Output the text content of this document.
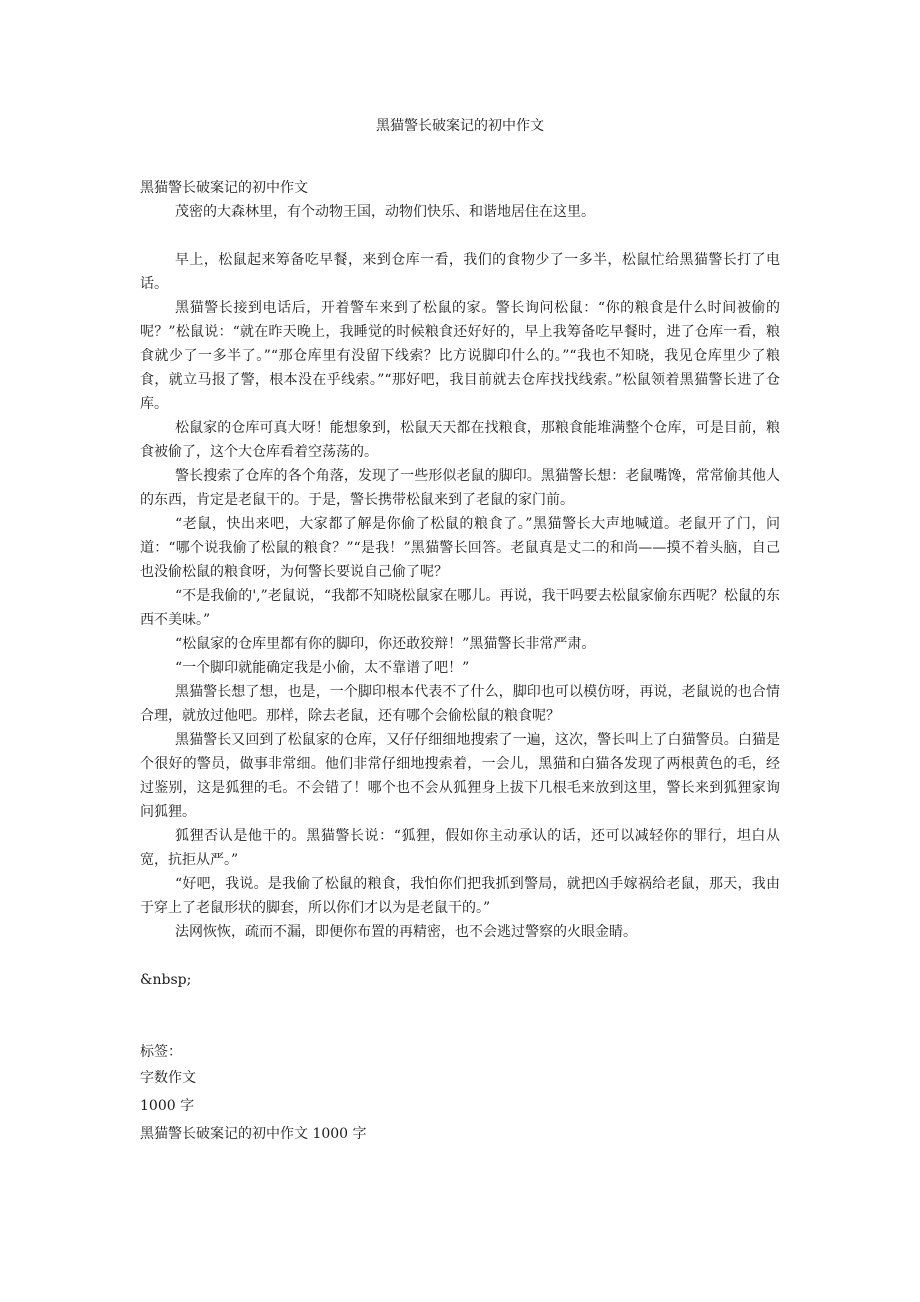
黑猫警长破案记的初中作文
黑猫警长破案记的初中作文

茂密的大森林里，有个动物王国，动物们快乐、和谐地居住在这里。

早上，松鼠起来筹备吃早餐，来到仓库一看，我们的食物少了一多半，松鼠忙给黑猫警长打了电话。

黑猫警长接到电话后，开着警车来到了松鼠的家。警长询问松鼠：“你的粮食是什么时间被偷的呢？”松鼠说：“就在昨天晚上，我睡觉的时候粮食还好好的，早上我筹备吃早餐时，进了仓库一看，粮食就少了一多半了。”“那仓库里有没留下线索？比方说脚印什么的。”“我也不知晓，我见仓库里少了粮食，就立马报了警，根本没在乎线索。”“那好吧，我目前就去仓库找找线索。”松鼠领着黑猫警长进了仓库。

松鼠家的仓库可真大呀！能想象到，松鼠天天都在找粮食，那粮食能堆满整个仓库，可是目前，粮食被偷了，这个大仓库看着空荡荡的。

警长搜索了仓库的各个角落，发现了一些形似老鼠的脚印。黑猫警长想：老鼠嘴馋，常常偷其他人的东西，肯定是老鼠干的。于是，警长携带松鼠来到了老鼠的家门前。

“老鼠，快出来吧，大家都了解是你偷了松鼠的粮食了。”黑猫警长大声地喊道。老鼠开了门，问道：“哪个说我偷了松鼠的粮食？”“是我！”黑猫警长回答。老鼠真是丈二的和尚——摸不着头脑，自己也没偷松鼠的粮食呀，为何警长要说自己偷了呢？

“不是我偷的',”老鼠说，“我都不知晓松鼠家在哪儿。再说，我干吗要去松鼠家偷东西呢？松鼠的东西不美味。”

“松鼠家的仓库里都有你的脚印，你还敢狡辩！”黑猫警长非常严肃。

“一个脚印就能确定我是小偷，太不靠谱了吧！”

黑猫警长想了想，也是，一个脚印根本代表不了什么，脚印也可以模仿呀，再说，老鼠说的也合情合理，就放过他吧。那样，除去老鼠，还有哪个会偷松鼠的粮食呢？

黑猫警长又回到了松鼠家的仓库，又仔仔细细地搜索了一遍，这次，警长叫上了白猫警员。白猫是个很好的警员，做事非常细。他们非常仔细地搜索着，一会儿，黑猫和白猫各发现了两根黄色的毛，经过鉴别，这是狐狸的毛。不会错了！哪个也不会从狐狸身上拔下几根毛来放到这里，警长来到狐狸家询问狐狸。

狐狸否认是他干的。黑猫警长说：“狐狸，假如你主动承认的话，还可以减轻你的罪行，坦白从宽，抗拒从严。”

“好吧，我说。是我偷了松鼠的粮食，我怕你们把我抓到警局，就把凶手嫁祸给老鼠，那天，我由于穿上了老鼠形状的脚套，所以你们才以为是老鼠干的。”

法网恢恢，疏而不漏，即便你布置的再精密，也不会逃过警察的火眼金睛。

&nbsp;
标签：
字数作文
1000 字
黑猫警长破案记的初中作文 1000 字
